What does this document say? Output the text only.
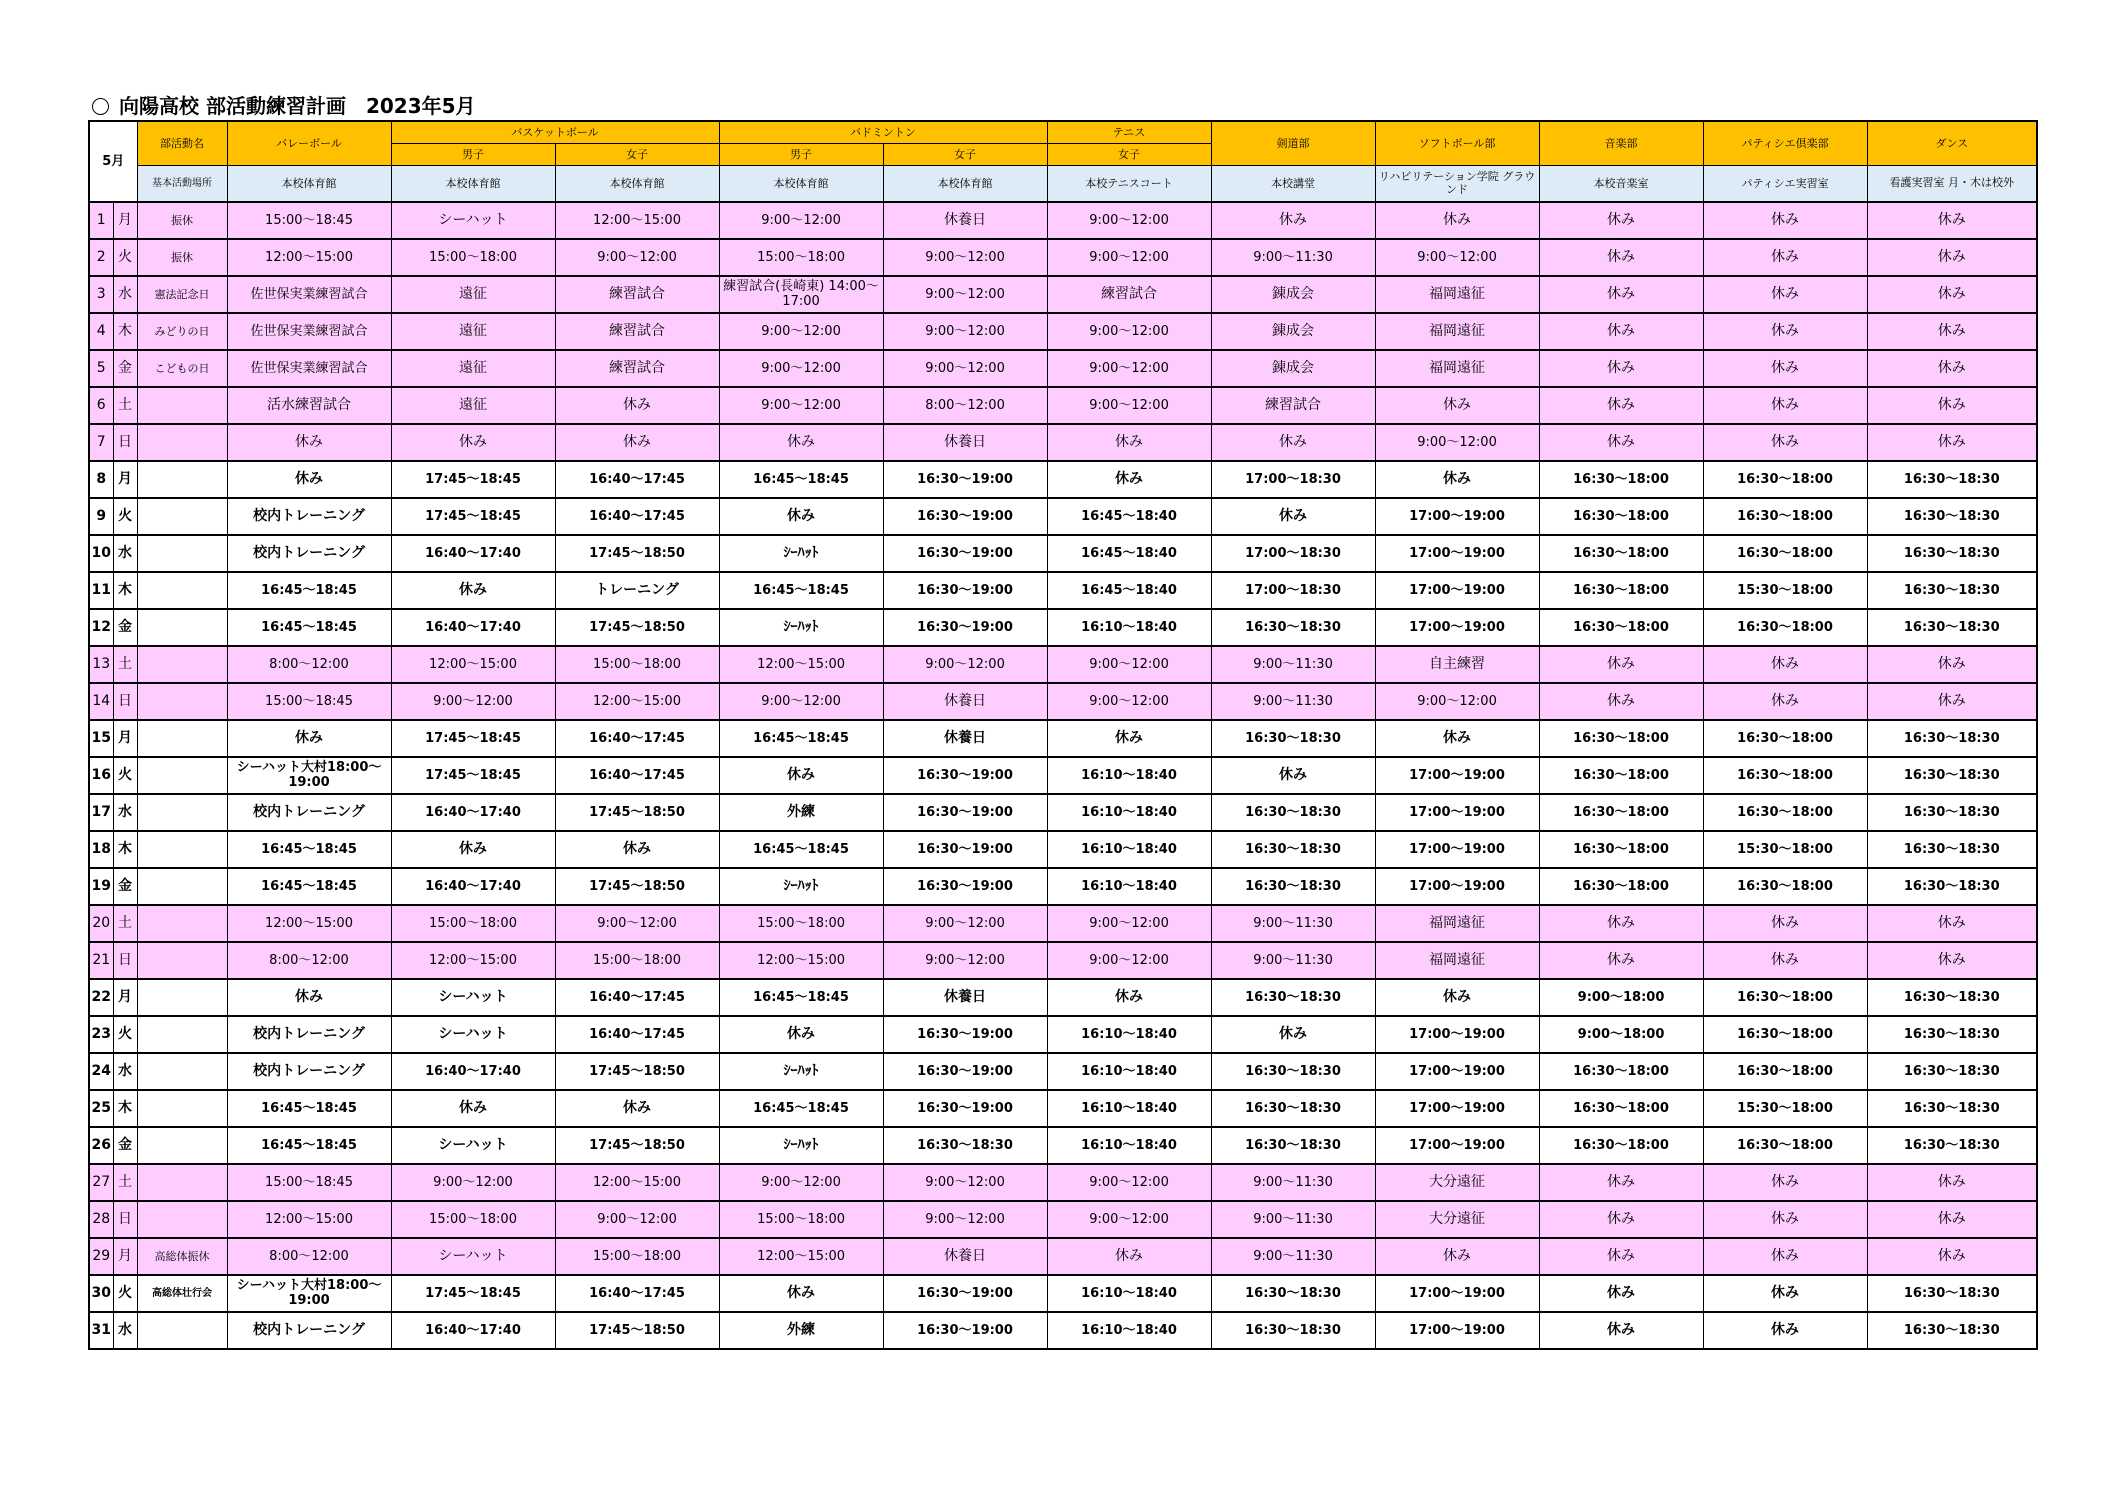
向陽高校 部活動練習計画　2023年5月
5月		部活動名	バレーボール	バスケットボール		バドミントン		テニス	剣道部	ソフトボール部	音楽部	パティシエ倶楽部	ダンス
				男子	女子	男子	女子	女子					
		基本活動場所	本校体育館	本校体育館	本校体育館	本校体育館	本校体育館	本校テニスコート	本校講堂	リハビリテーション学院 グラウンド	本校音楽室	パティシエ実習室	看護実習室 月・木は校外
1	月	振休	15:00～18:45	シーハット	12:00～15:00	9:00～12:00	休養日	9:00～12:00	休み	休み	休み	休み	休み
2	火	振休	12:00～15:00	15:00～18:00	9:00～12:00	15:00～18:00	9:00～12:00	9:00～12:00	9:00～11:30	9:00～12:00	休み	休み	休み
3	水	憲法記念日	佐世保実業練習試合	遠征	練習試合	練習試合(長崎東) 14:00～17:00	9:00～12:00	練習試合	錬成会	福岡遠征	休み	休み	休み
4	木	みどりの日	佐世保実業練習試合	遠征	練習試合	9:00～12:00	9:00～12:00	9:00～12:00	錬成会	福岡遠征	休み	休み	休み
5	金	こどもの日	佐世保実業練習試合	遠征	練習試合	9:00～12:00	9:00～12:00	9:00～12:00	錬成会	福岡遠征	休み	休み	休み
6	土		活水練習試合	遠征	休み	9:00～12:00	8:00～12:00	9:00～12:00	練習試合	休み	休み	休み	休み
7	日		休み	休み	休み	休み	休養日	休み	休み	9:00～12:00	休み	休み	休み
8	月		休み	17:45～18:45	16:40～17:45	16:45～18:45	16:30～19:00	休み	17:00～18:30	休み	16:30～18:00	16:30～18:00	16:30～18:30
9	火		校内トレーニング	17:45～18:45	16:40～17:45	休み	16:30～19:00	16:45～18:40	休み	17:00～19:00	16:30～18:00	16:30～18:00	16:30～18:30
10	水		校内トレーニング	16:40～17:40	17:45～18:50	ｼｰﾊｯﾄ	16:30～19:00	16:45～18:40	17:00～18:30	17:00～19:00	16:30～18:00	16:30～18:00	16:30～18:30
11	木		16:45～18:45	休み	トレーニング	16:45～18:45	16:30～19:00	16:45～18:40	17:00～18:30	17:00～19:00	16:30～18:00	15:30～18:00	16:30～18:30
12	金		16:45～18:45	16:40～17:40	17:45～18:50	ｼｰﾊｯﾄ	16:30～19:00	16:10～18:40	16:30～18:30	17:00～19:00	16:30～18:00	16:30～18:00	16:30～18:30
13	土		8:00～12:00	12:00～15:00	15:00～18:00	12:00～15:00	9:00～12:00	9:00～12:00	9:00～11:30	自主練習	休み	休み	休み
14	日		15:00～18:45	9:00～12:00	12:00～15:00	9:00～12:00	休養日	9:00～12:00	9:00～11:30	9:00～12:00	休み	休み	休み
15	月		休み	17:45～18:45	16:40～17:45	16:45～18:45	休養日	休み	16:30～18:30	休み	16:30～18:00	16:30～18:00	16:30～18:30
16	火		シーハット大村18:00～ 19:00	17:45～18:45	16:40～17:45	休み	16:30～19:00	16:10～18:40	休み	17:00～19:00	16:30～18:00	16:30～18:00	16:30～18:30
17	水		校内トレーニング	16:40～17:40	17:45～18:50	外練	16:30～19:00	16:10～18:40	16:30～18:30	17:00～19:00	16:30～18:00	16:30～18:00	16:30～18:30
18	木		16:45～18:45	休み	休み	16:45～18:45	16:30～19:00	16:10～18:40	16:30～18:30	17:00～19:00	16:30～18:00	15:30～18:00	16:30～18:30
19	金		16:45～18:45	16:40～17:40	17:45～18:50	ｼｰﾊｯﾄ	16:30～19:00	16:10～18:40	16:30～18:30	17:00～19:00	16:30～18:00	16:30～18:00	16:30～18:30
20	土		12:00～15:00	15:00～18:00	9:00～12:00	15:00～18:00	9:00～12:00	9:00～12:00	9:00～11:30	福岡遠征	休み	休み	休み
21	日		8:00～12:00	12:00～15:00	15:00～18:00	12:00～15:00	9:00～12:00	9:00～12:00	9:00～11:30	福岡遠征	休み	休み	休み
22	月		休み	シーハット	16:40～17:45	16:45～18:45	休養日	休み	16:30～18:30	休み	9:00～18:00	16:30～18:00	16:30～18:30
23	火		校内トレーニング	シーハット	16:40～17:45	休み	16:30～19:00	16:10～18:40	休み	17:00～19:00	9:00～18:00	16:30～18:00	16:30～18:30
24	水		校内トレーニング	16:40～17:40	17:45～18:50	ｼｰﾊｯﾄ	16:30～19:00	16:10～18:40	16:30～18:30	17:00～19:00	16:30～18:00	16:30～18:00	16:30～18:30
25	木		16:45～18:45	休み	休み	16:45～18:45	16:30～19:00	16:10～18:40	16:30～18:30	17:00～19:00	16:30～18:00	15:30～18:00	16:30～18:30
26	金		16:45～18:45	シーハット	17:45～18:50	ｼｰﾊｯﾄ	16:30～18:30	16:10～18:40	16:30～18:30	17:00～19:00	16:30～18:00	16:30～18:00	16:30～18:30
27	土		15:00～18:45	9:00～12:00	12:00～15:00	9:00～12:00	9:00～12:00	9:00～12:00	9:00～11:30	大分遠征	休み	休み	休み
28	日		12:00～15:00	15:00～18:00	9:00～12:00	15:00～18:00	9:00～12:00	9:00～12:00	9:00～11:30	大分遠征	休み	休み	休み
29	月	高総体振休	8:00～12:00	シーハット	15:00～18:00	12:00～15:00	休養日	休み	9:00～11:30	休み	休み	休み	休み
30	火	高総体壮行会	シーハット大村18:00～ 19:00	17:45～18:45	16:40～17:45	休み	16:30～19:00	16:10～18:40	16:30～18:30	17:00～19:00	休み	休み	16:30～18:30
31	水		校内トレーニング	16:40～17:40	17:45～18:50	外練	16:30～19:00	16:10～18:40	16:30～18:30	17:00～19:00	休み	休み	16:30～18:30
